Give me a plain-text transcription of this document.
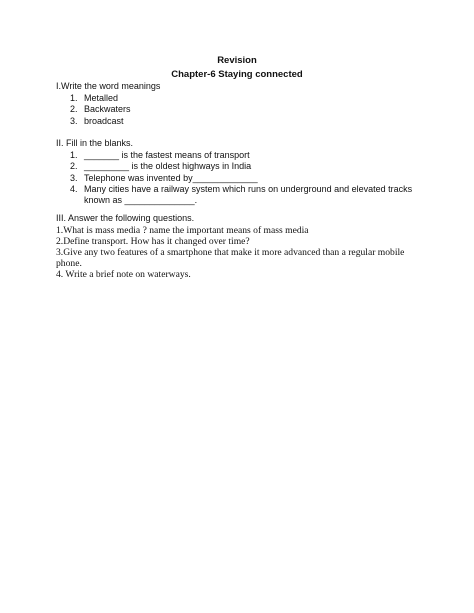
Revision
Chapter-6 Staying connected
I.Write the word meanings
1. Metalled
2. Backwaters
3. broadcast
II. Fill in the blanks.
1. _______ is the fastest means of transport
2. _________ is the oldest highways in India
3. Telephone was invented by_____________
4. Many cities have a railway system which runs on underground and elevated tracks known as ______________.
III. Answer the following questions.
1.What is mass media ? name the important means of mass media
2.Define transport. How has it changed over time?
3.Give any two features of a smartphone that make it more advanced than a regular mobile phone.
4. Write a brief note on waterways.
